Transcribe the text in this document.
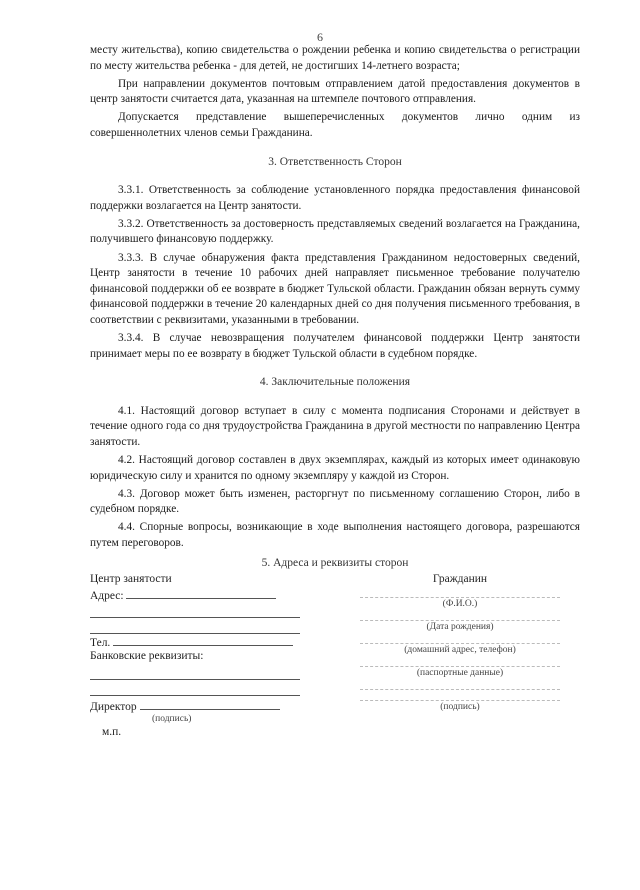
6

месту жительства), копию свидетельства о рождении ребенка и копию свидетельства о регистрации по месту жительства ребенка - для детей, не достигших 14-летнего возраста;

При направлении документов почтовым отправлением датой предоставления документов в центр занятости считается дата, указанная на штемпеле почтового отправления.

Допускается представление вышеперечисленных документов лично одним из совершеннолетних членов семьи Гражданина.

3. Ответственность Сторон

3.3.1. Ответственность за соблюдение установленного порядка предоставления финансовой поддержки возлагается на Центр занятости.

3.3.2. Ответственность за достоверность представляемых сведений возлагается на Гражданина, получившего финансовую поддержку.

3.3.3. В случае обнаружения факта представления Гражданином недостоверных сведений, Центр занятости в течение 10 рабочих дней направляет письменное требование получателю финансовой поддержки об ее возврате в бюджет Тульской области. Гражданин обязан вернуть сумму финансовой поддержки в течение 20 календарных дней со дня получения письменного требования, в соответствии с реквизитами, указанными в требовании.

3.3.4. В случае невозвращения получателем финансовой поддержки Центр занятости принимает меры по ее возврату в бюджет Тульской области в судебном порядке.

4. Заключительные положения

4.1. Настоящий договор вступает в силу с момента подписания Сторонами и действует в течение одного года со дня трудоустройства Гражданина в другой местности по направлению Центра занятости.

4.2. Настоящий договор составлен в двух экземплярах, каждый из которых имеет одинаковую юридическую силу и хранится по одному экземпляру у каждой из Сторон.

4.3. Договор может быть изменен, расторгнут по письменному соглашению Сторон, либо в судебном порядке.

4.4. Спорные вопросы, возникающие в ходе выполнения настоящего договора, разрешаются путем переговоров.

5. Адреса и реквизиты сторон
Центр занятости
Адрес:
Тел.
Банковские реквизиты:
Директор
(подпись)
м.п.
Гражданин
(Ф.И.О.)
(Дата рождения)
(домашний адрес, телефон)
(паспортные данные)
(подпись)
